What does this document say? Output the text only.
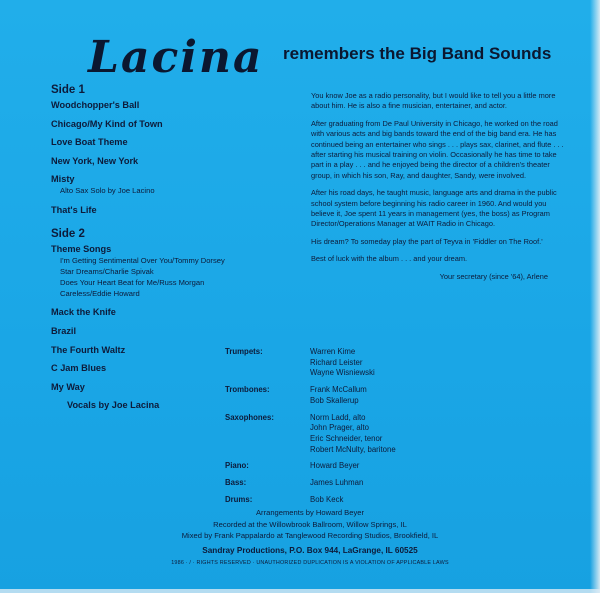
Lacina remembers the Big Band Sounds
Side 1
Woodchopper's Ball
Chicago/My Kind of Town
Love Boat Theme
New York, New York
Misty
Alto Sax Solo by Joe Lacino
That's Life
Side 2
Theme Songs
I'm Getting Sentimental Over You/Tommy Dorsey
Star Dreams/Charlie Spivak
Does Your Heart Beat for Me/Russ Morgan
Careless/Eddie Howard
Mack the Knife
Brazil
The Fourth Waltz
C Jam Blues
My Way
Vocals by Joe Lacina

You know Joe as a radio personality, but I would like to tell you a little more about him. He is also a fine musician, entertainer, and actor.

After graduating from De Paul University in Chicago, he worked on the road with various acts and big bands toward the end of the big band era. He has continued being an entertainer who sings . . . plays sax, clarinet, and flute . . . after starting his musical training on violin. Occasionally he has time to take part in a play . . . and he enjoyed being the director of a children's theater group, in which his son, Ray, and daughter, Sandy, were involved.

After his road days, he taught music, language arts and drama in the public school system before beginning his radio career in 1960. And would you believe it, Joe spent 11 years in management (yes, the boss) as Program Director/Operations Manager at WAIT Radio in Chicago.

His dream? To someday play the part of Teyva in 'Fiddler on The Roof.'

Best of luck with the album . . . and your dream.

Your secretary (since '64), Arlene

Trumpets:	Warren Kime
Richard Leister
Wayne Wisniewski
Trombones:	Frank McCallum
Bob Skallerup
Saxophones:	Norm Ladd, alto
John Prager, alto
Eric Schneider, tenor
Robert McNulty, baritone
Piano:	Howard Beyer
Bass:	James Luhman
Drums:	Bob Keck
Arrangements by Howard Beyer
Recorded at the Willowbrook Ballroom, Willow Springs, IL
Mixed by Frank Pappalardo at Tanglewood Recording Studios, Brookfield, IL
Sandray Productions, P.O. Box 944, LaGrange, IL 60525
1986 · / · RIGHTS RESERVED · UNAUTHORIZED DUPLICATION IS A VIOLATION OF APPLICABLE LAWS
